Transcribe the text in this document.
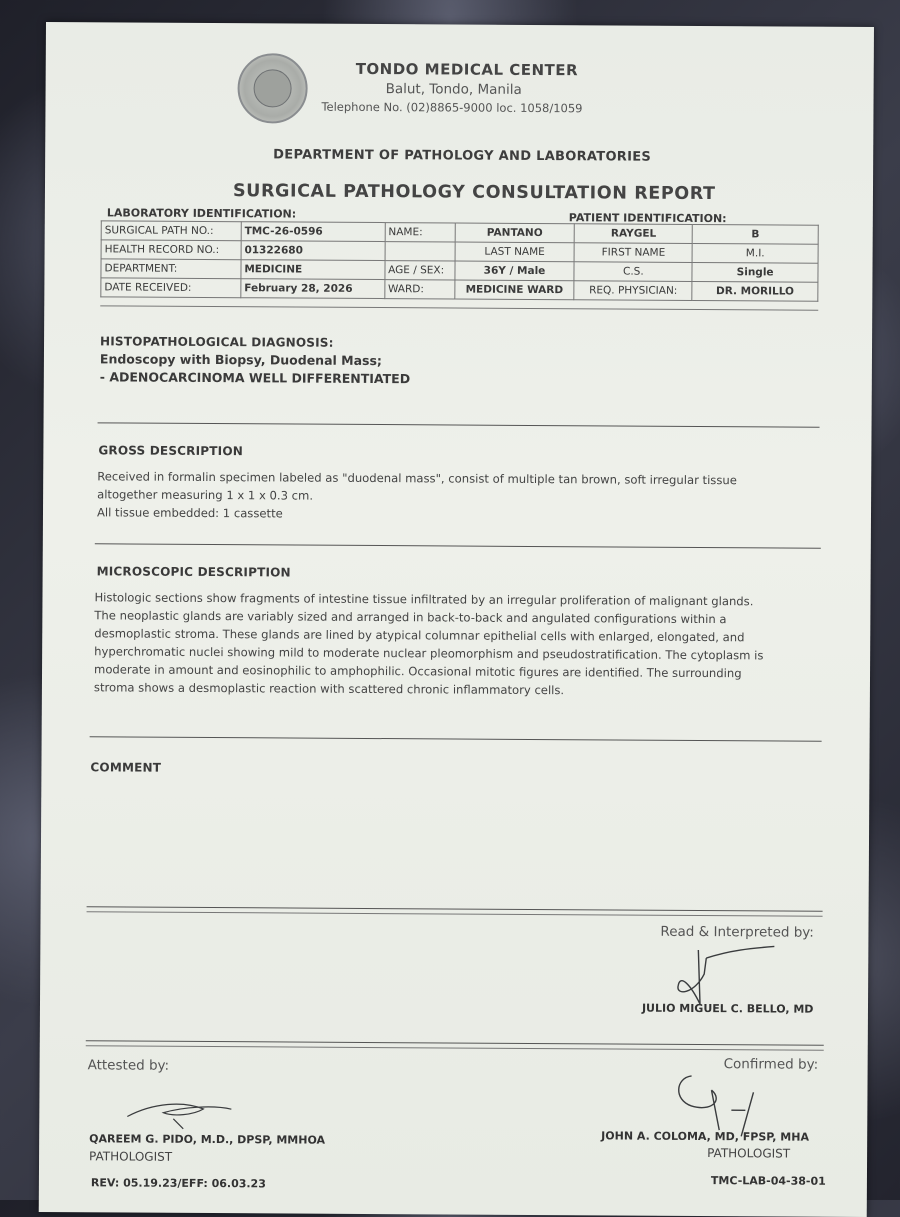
TONDO MEDICAL CENTER
Balut, Tondo, Manila
Telephone No. (02)8865-9000 loc. 1058/1059
DEPARTMENT OF PATHOLOGY AND LABORATORIES
SURGICAL PATHOLOGY CONSULTATION REPORT
LABORATORY IDENTIFICATION:	PATIENT IDENTIFICATION:
SURGICAL PATH NO.:	TMC-26-0596	NAME:	PANTANO	RAYGEL	B
HEALTH RECORD NO.:	01322680		LAST NAME	FIRST NAME	M.I.
DEPARTMENT:	MEDICINE	AGE / SEX:	36Y / Male	C.S.	Single
DATE RECEIVED:	February 28, 2026	WARD:	MEDICINE WARD	REQ. PHYSICIAN:	DR. MORILLO
HISTOPATHOLOGICAL DIAGNOSIS:
Endoscopy with Biopsy, Duodenal Mass;
- ADENOCARCINOMA WELL DIFFERENTIATED
GROSS DESCRIPTION
Received in formalin specimen labeled as "duodenal mass", consist of multiple tan brown, soft irregular tissue
altogether measuring 1 x 1 x 0.3 cm.
All tissue embedded: 1 cassette
MICROSCOPIC DESCRIPTION
Histologic sections show fragments of intestine tissue infiltrated by an irregular proliferation of malignant glands.
The neoplastic glands are variably sized and arranged in back-to-back and angulated configurations within a
desmoplastic stroma. These glands are lined by atypical columnar epithelial cells with enlarged, elongated, and
hyperchromatic nuclei showing mild to moderate nuclear pleomorphism and pseudostratification. The cytoplasm is
moderate in amount and eosinophilic to amphophilic. Occasional mitotic figures are identified. The surrounding
stroma shows a desmoplastic reaction with scattered chronic inflammatory cells.
COMMENT
Read & Interpreted by:
JULIO MIGUEL C. BELLO, MD
Attested by:
QAREEM G. PIDO, M.D., DPSP, MMHOA
PATHOLOGIST
Confirmed by:
JOHN A. COLOMA, MD, FPSP, MHA
PATHOLOGIST
REV: 05.19.23/EFF: 06.03.23	TMC-LAB-04-38-01
